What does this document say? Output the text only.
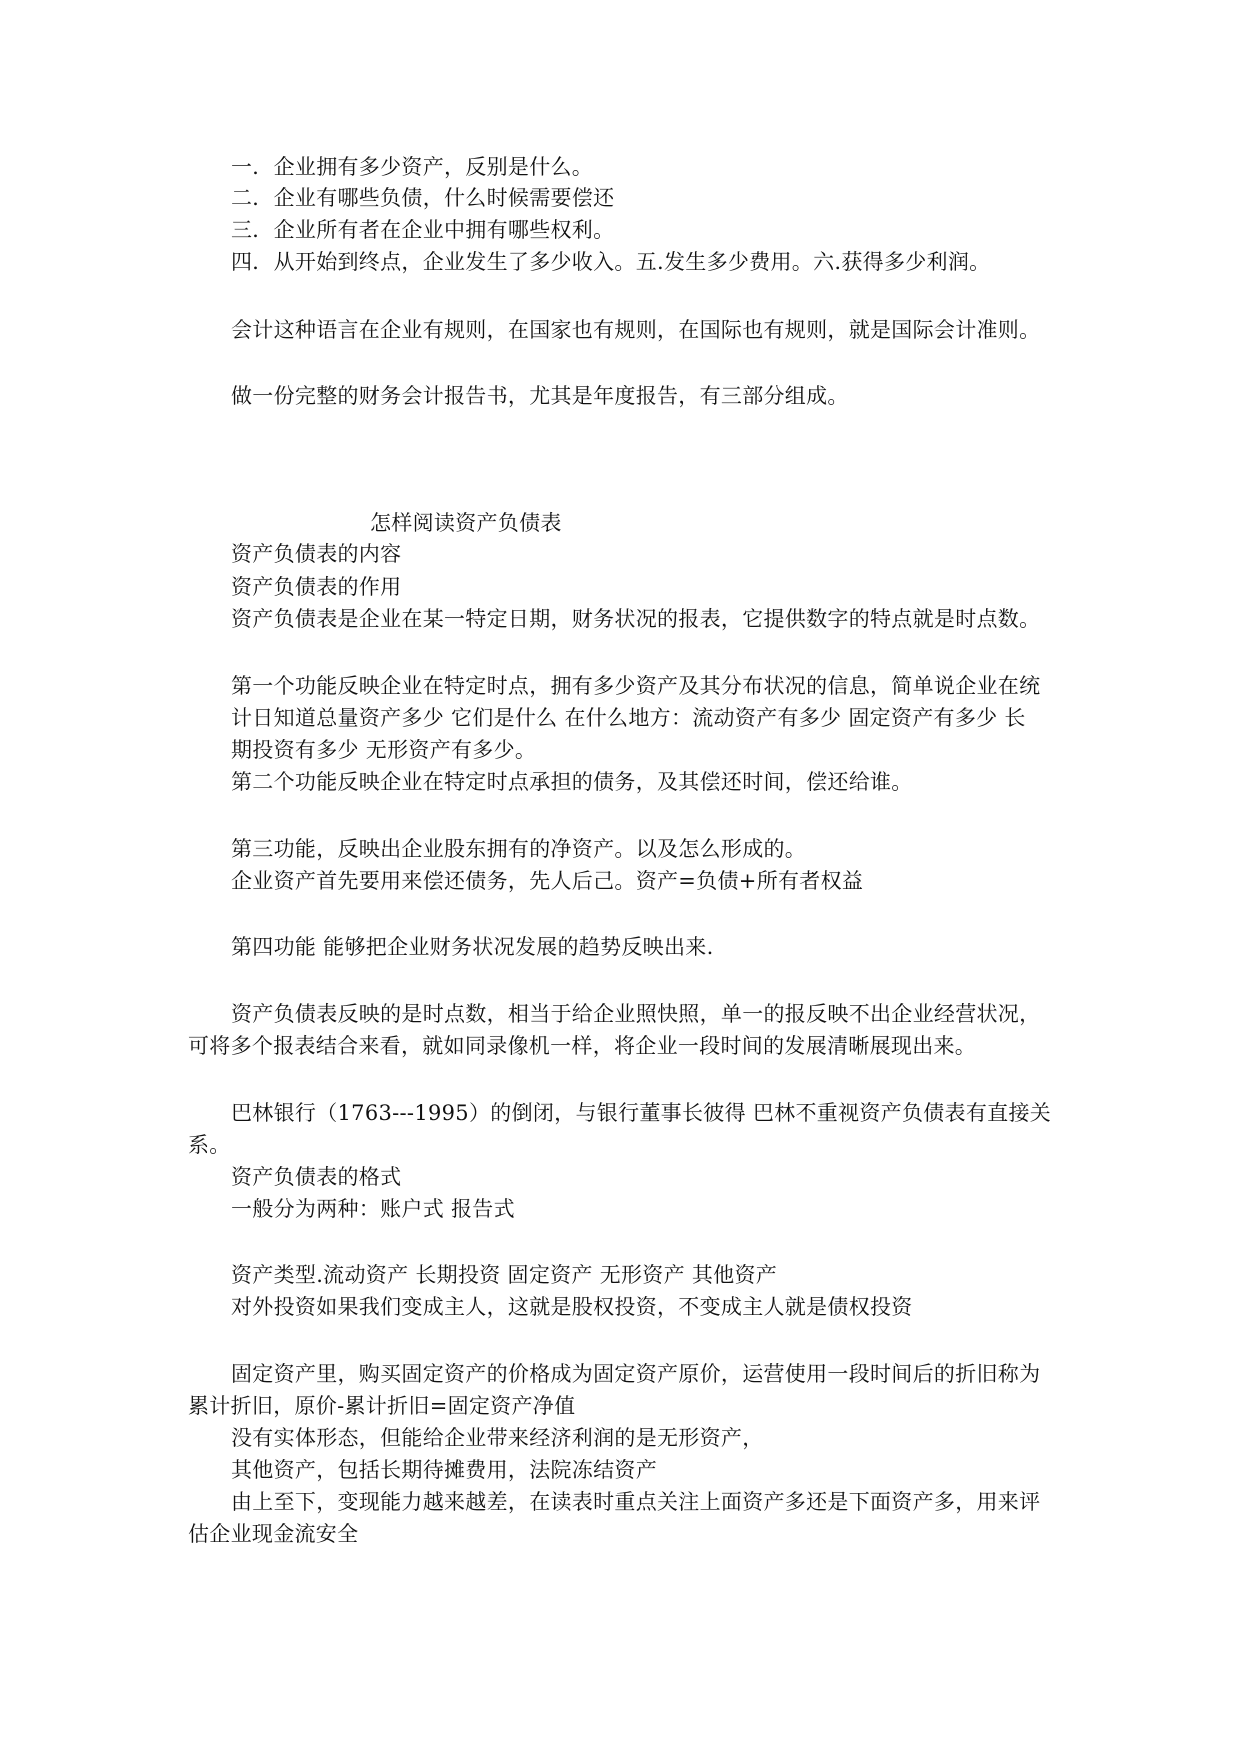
一．企业拥有多少资产，反别是什么。
二．企业有哪些负债，什么时候需要偿还
三．企业所有者在企业中拥有哪些权利。
四．从开始到终点，企业发生了多少收入。五.发生多少费用。六.获得多少利润。
会计这种语言在企业有规则，在国家也有规则，在国际也有规则，就是国际会计准则。
做一份完整的财务会计报告书，尤其是年度报告，有三部分组成。
怎样阅读资产负债表
资产负债表的内容
资产负债表的作用
资产负债表是企业在某一特定日期，财务状况的报表，它提供数字的特点就是时点数。
第一个功能反映企业在特定时点，拥有多少资产及其分布状况的信息，简单说企业在统
计日知道总量资产多少 它们是什么 在什么地方：流动资产有多少 固定资产有多少 长
期投资有多少 无形资产有多少。
第二个功能反映企业在特定时点承担的债务，及其偿还时间，偿还给谁。
第三功能，反映出企业股东拥有的净资产。以及怎么形成的。
企业资产首先要用来偿还债务，先人后己。资产=负债+所有者权益
第四功能 能够把企业财务状况发展的趋势反映出来.
资产负债表反映的是时点数，相当于给企业照快照，单一的报反映不出企业经营状况，
可将多个报表结合来看，就如同录像机一样，将企业一段时间的发展清晰展现出来。
巴林银行（1763---1995）的倒闭，与银行董事长彼得 巴林不重视资产负债表有直接关
系。
资产负债表的格式
一般分为两种：账户式 报告式
资产类型.流动资产 长期投资 固定资产 无形资产 其他资产
对外投资如果我们变成主人，这就是股权投资，不变成主人就是债权投资
固定资产里，购买固定资产的价格成为固定资产原价，运营使用一段时间后的折旧称为
累计折旧，原价-累计折旧=固定资产净值
没有实体形态，但能给企业带来经济利润的是无形资产，
其他资产，包括长期待摊费用，法院冻结资产
由上至下，变现能力越来越差，在读表时重点关注上面资产多还是下面资产多，用来评
估企业现金流安全
